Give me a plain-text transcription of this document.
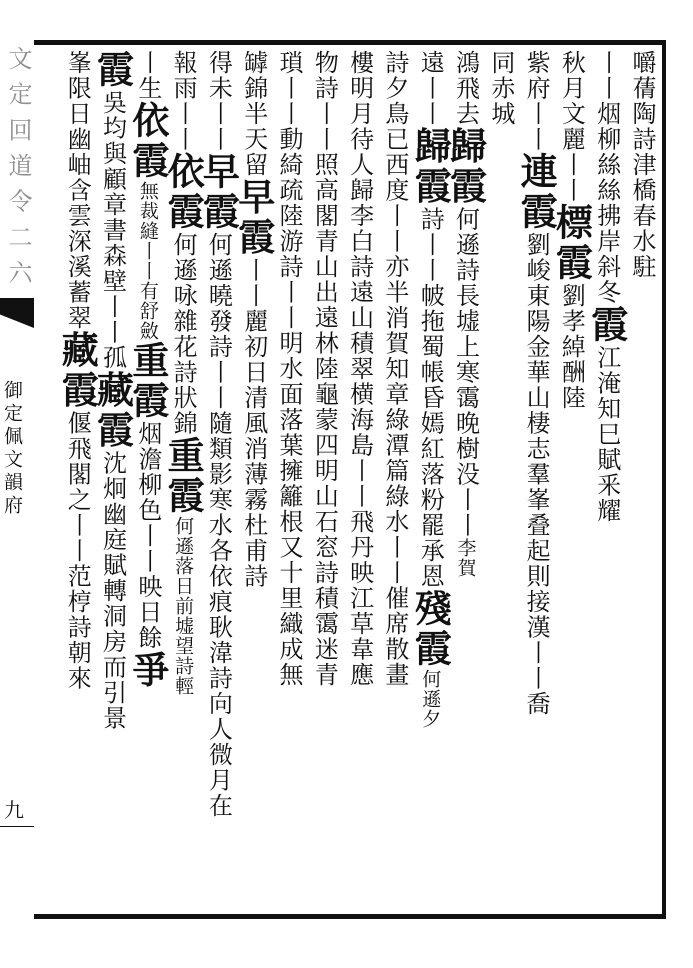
文 定 回 道 令 二 六
御定佩文韻府
九
嚼蒨陶詩津橋春水駐
丨丨烟柳絲絲拂岸斜冬霞江淹知巳賦釆耀
秋月文麗丨丨標霞劉孝綽酬陸
紫府丨丨連霞劉峻東陽金華山棲志羣峯叠起則接漢丨丨喬
同赤城
鴻飛去歸霞何遜詩長墟上寒霭晚樹没丨丨李賀
遠丨丨歸霞詩丨丨帔拖蜀帳昏嫣紅落粉罷承恩殘霞何遜夕
詩夕鳥已西度丨丨亦半消賀知章綠潭篇綠水丨丨催席散畫
樓明月待人歸李白詩遠山積翠横海島丨丨飛丹映江草韋應
物詩丨丨照高閣青山出遠林陸龜蒙四明山石窓詩積霭迷青
瑣丨丨動綺疏陸游詩丨丨明水面落葉擁籬根又十里織成無
罅錦半天留早霞丨丨麗初日清風消薄霧杜甫詩
得未丨丨早霞何遜曉發詩丨丨隨類影寒水各依痕耿湋詩向人微月在
報雨丨丨依霞何遜咏雜花詩狀錦重霞何遜落日前墟望詩輕
丨生依霞無裁縫丨丨有舒斂重霞烟澹柳色丨丨映日餘爭
霞吳均與顧章書森壁丨丨孤藏霞沈炯幽庭賦轉洞房而引景
峯限日幽岫含雲深溪蓄翠藏霞偃飛閣之丨丨范梈詩朝來
